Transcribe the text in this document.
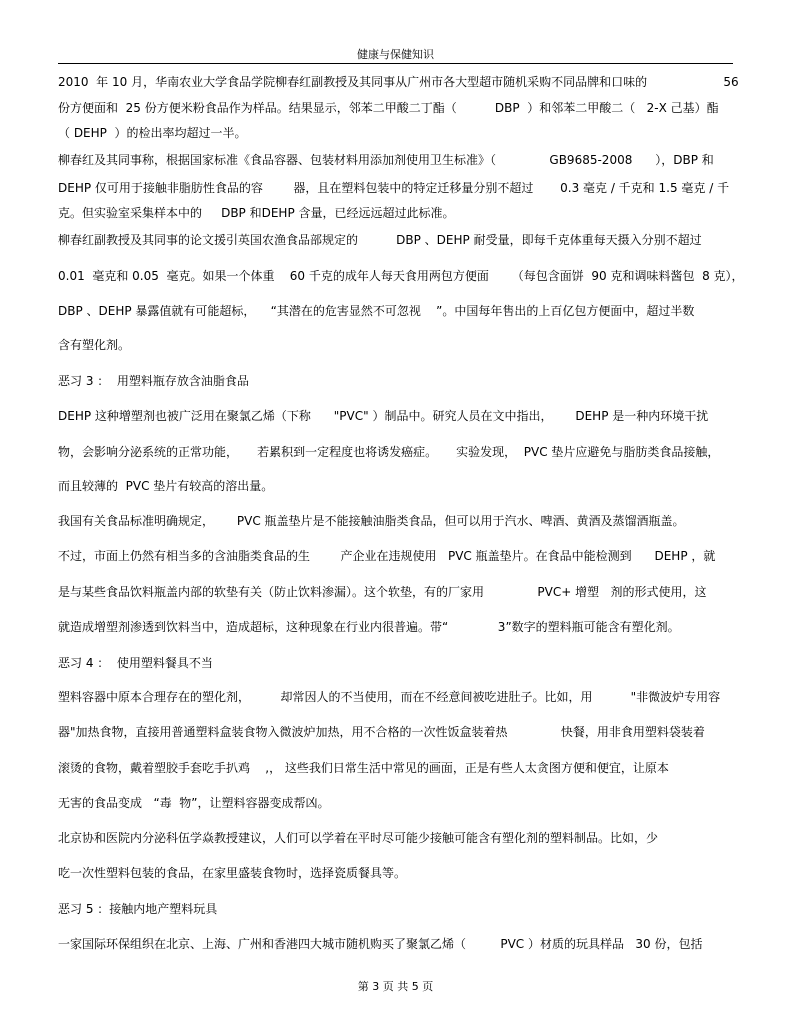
健康与保健知识
2010  年 10 月，华南农业大学食品学院柳春红副教授及其同事从广州市各大型超市随机采购不同品牌和口味的                    56
份方便面和  25 份方便米粉食品作为样品。结果显示，邻苯二甲酸二丁酯（          DBP  ）和邻苯二甲酸二（   2-X 己基）酯
（ DEHP  ）的检出率均超过一半。
柳春红及其同事称，根据国家标准《食品容器、包装材料用添加剂使用卫生标准》（              GB9685-2008      ），DBP 和
DEHP 仅可用于接触非脂肪性食品的容        器，且在塑料包装中的特定迁移量分别不超过       0.3 毫克 / 千克和 1.5 毫克 / 千
克。但实验室采集样本中的     DBP 和DEHP 含量，已经远远超过此标准。
柳春红副教授及其同事的论文援引英国农渔食品部规定的          DBP 、DEHP 耐受量，即每千克体重每天摄入分别不超过
0.01  毫克和 0.05  毫克。如果一个体重    60 千克的成年人每天食用两包方便面      （每包含面饼  90 克和调味料酱包  8 克），
DBP 、DEHP 暴露值就有可能超标，    “其潜在的危害显然不可忽视    ”。中国每年售出的上百亿包方便面中，超过半数
含有塑化剂。
恶习 3 ：  用塑料瓶存放含油脂食品
DEHP 这种增塑剂也被广泛用在聚氯乙烯（下称      "PVC" ）制品中。研究人员在文中指出，      DEHP 是一种内环境干扰
物，会影响分泌系统的正常功能，     若累积到一定程度也将诱发癌症。     实验发现，  PVC 垫片应避免与脂肪类食品接触，
而且较薄的  PVC 垫片有较高的溶出量。
我国有关食品标准明确规定，      PVC 瓶盖垫片是不能接触油脂类食品，但可以用于汽水、啤酒、黄酒及蒸馏酒瓶盖。
不过，市面上仍然有相当多的含油脂类食品的生        产企业在违规使用   PVC 瓶盖垫片。在食品中能检测到      DEHP ，就
是与某些食品饮料瓶盖内部的软垫有关（防止饮料渗漏）。这个软垫，有的厂家用              PVC+ 增塑   剂的形式使用，这
就造成增塑剂渗透到饮料当中，造成超标，这种现象在行业内很普遍。带“             3”数字的塑料瓶可能含有塑化剂。
恶习 4 ：  使用塑料餐具不当
塑料容器中原本合理存在的塑化剂，        却常因人的不当使用，而在不经意间被吃进肚子。比如，用          "非微波炉专用容
器"加热食物，直接用普通塑料盒装食物入微波炉加热，用不合格的一次性饭盒装着热              快餐，用非食用塑料袋装着
滚烫的食物，戴着塑胶手套吃手扒鸡    ,， 这些我们日常生活中常见的画面，正是有些人太贪图方便和便宜，让原本
无害的食品变成   “毒  物”，让塑料容器变成帮凶。
北京协和医院内分泌科伍学焱教授建议，人们可以学着在平时尽可能少接触可能含有塑化剂的塑料制品。比如，少
吃一次性塑料包装的食品，在家里盛装食物时，选择瓷质餐具等。
恶习 5 ：接触内地产塑料玩具
一家国际环保组织在北京、上海、广州和香港四大城市随机购买了聚氯乙烯（         PVC ）材质的玩具样品   30 份，包括
第 3 页 共 5 页
